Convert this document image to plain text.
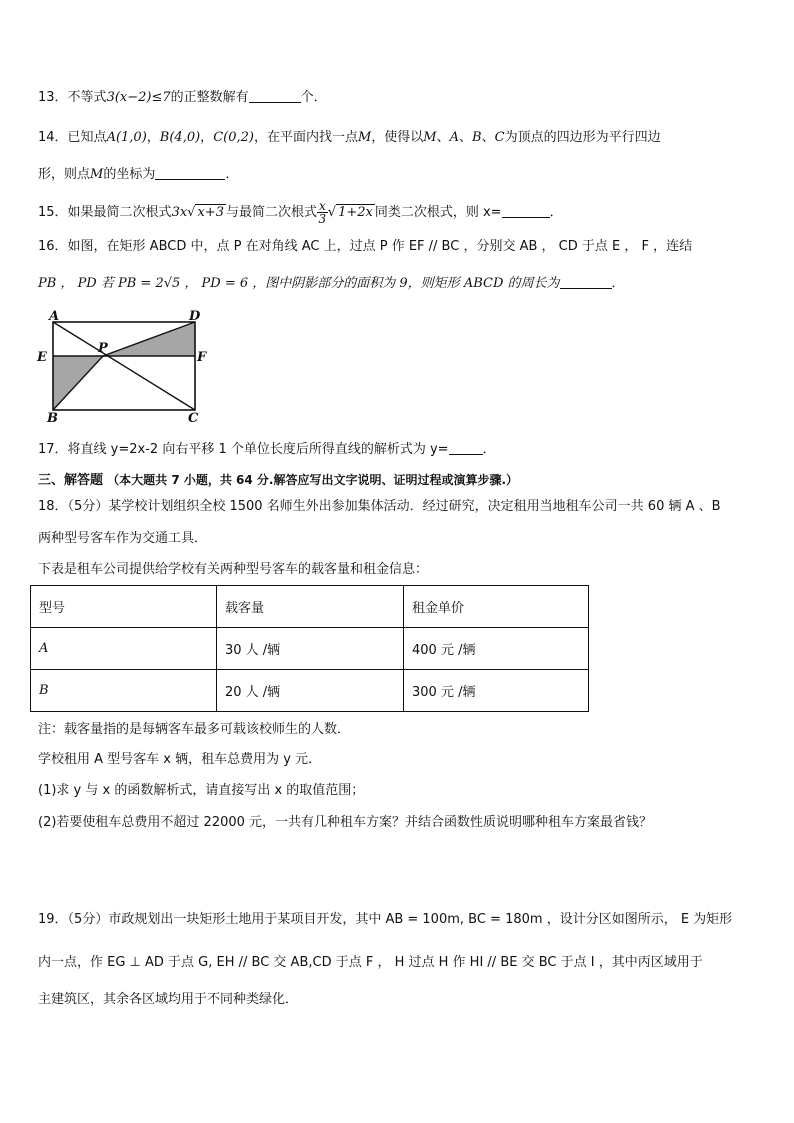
13．不等式3(x−2)≤7的正整数解有	个．
14．已知点A(1,0)，B(4,0)，C(0,2)，在平面内找一点M，使得以M、A、B、C为顶点的四边形为平行四边
形，则点M的坐标为	．
15．如果最简二次根式3x√ x+3 与最简二次根式 $\frac{x}{3}$ √ 1+2x 同类二次根式，则 x=	．
16．如图，在矩形 ABCD 中，点 P 在对角线 AC 上，过点 P 作 EF // BC ，分别交 AB ， CD 于点 E ， F ，连结
PB ， PD 若 PB = 2√5 ， PD = 6 ，图中阴影部分的面积为 9，则矩形 ABCD 的周长为	．
A	D
E
P
F
B	C
17．将直线 y=2x-2 向右平移 1 个单位长度后所得直线的解析式为 y=	．
三、解答题 （本大题共 7 小题，共 64 分.解答应写出文字说明、证明过程或演算步骤.）
18．（5分）某学校计划组织全校 1500 名师生外出参加集体活动．经过研究，决定租用当地租车公司一共 60 辆 A 、B
两种型号客车作为交通工具．
下表是租车公司提供给学校有关两种型号客车的载客量和租金信息：
型号	载客量	租金单价
A	30 人 /辆	400 元 /辆
B	20 人 /辆	300 元 /辆
注：载客量指的是每辆客车最多可载该校师生的人数．
学校租用 A 型号客车 x 辆，租车总费用为 y 元．
(1)求 y 与 x 的函数解析式，请直接写出 x 的取值范围；
(2)若要使租车总费用不超过 22000 元，一共有几种租车方案？并结合函数性质说明哪种租车方案最省钱？
19．（5分）市政规划出一块矩形土地用于某项目开发，其中 AB = 100m, BC = 180m ，设计分区如图所示， E 为矩形
内一点，作 EG ⊥ AD 于点 G, EH // BC 交 AB,CD 于点 F ， H 过点 H 作 HI // BE 交 BC 于点 I ，其中丙区域用于
主建筑区，其余各区域均用于不同种类绿化．
